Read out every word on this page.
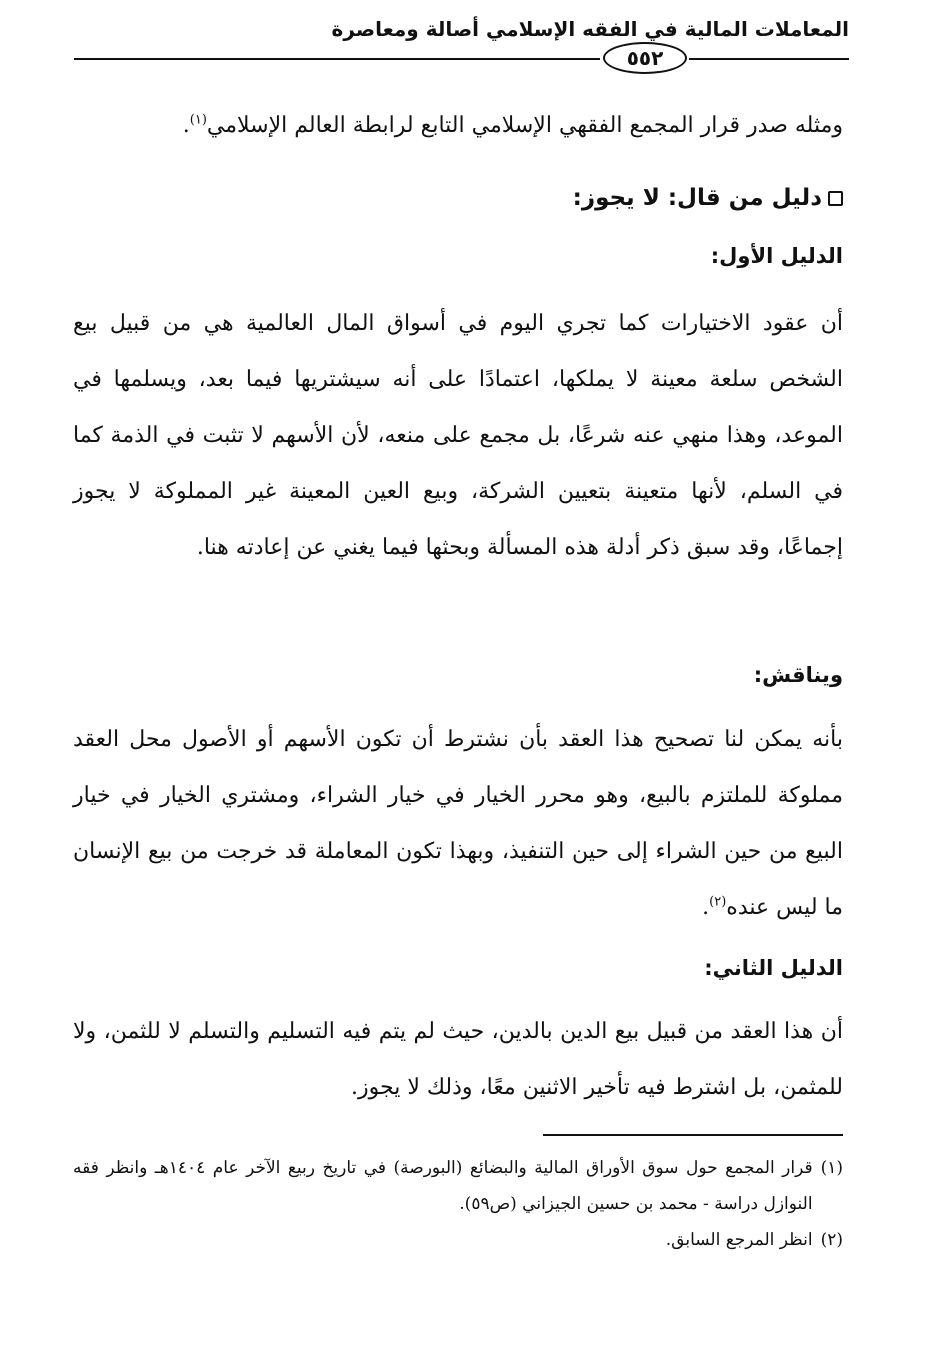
المعاملات المالية في الفقه الإسلامي أصالة ومعاصرة
٥٥٢

ومثله صدر قرار المجمع الفقهي الإسلامي التابع لرابطة العالم الإسلامي$^{(١)}$.

دليل من قال: لا يجوز:
الدليل الأول:

أن عقود الاختيارات كما تجري اليوم في أسواق المال العالمية هي من قبيل بيع الشخص سلعة معينة لا يملكها، اعتمادًا على أنه سيشتريها فيما بعد، ويسلمها في الموعد، وهذا منهي عنه شرعًا، بل مجمع على منعه، لأن الأسهم لا تثبت في الذمة كما في السلم، لأنها متعينة بتعيين الشركة، وبيع العين المعينة غير المملوكة لا يجوز إجماعًا، وقد سبق ذكر أدلة هذه المسألة وبحثها فيما يغني عن إعادته هنا.

ويناقش:

بأنه يمكن لنا تصحيح هذا العقد بأن نشترط أن تكون الأسهم أو الأصول محل العقد مملوكة للملتزم بالبيع، وهو محرر الخيار في خيار الشراء، ومشتري الخيار في خيار البيع من حين الشراء إلى حين التنفيذ، وبهذا تكون المعاملة قد خرجت من بيع الإنسان ما ليس عنده$^{(٢)}$.

الدليل الثاني:

أن هذا العقد من قبيل بيع الدين بالدين، حيث لم يتم فيه التسليم والتسلم لا للثمن، ولا للمثمن، بل اشترط فيه تأخير الاثنين معًا، وذلك لا يجوز.

(١)
قرار المجمع حول سوق الأوراق المالية والبضائع (البورصة) في تاريخ ربيع الآخر عام ١٤٠٤هـ وانظر فقه النوازل دراسة - محمد بن حسين الجيزاني (ص٥٩).
(٢)
انظر المرجع السابق.
